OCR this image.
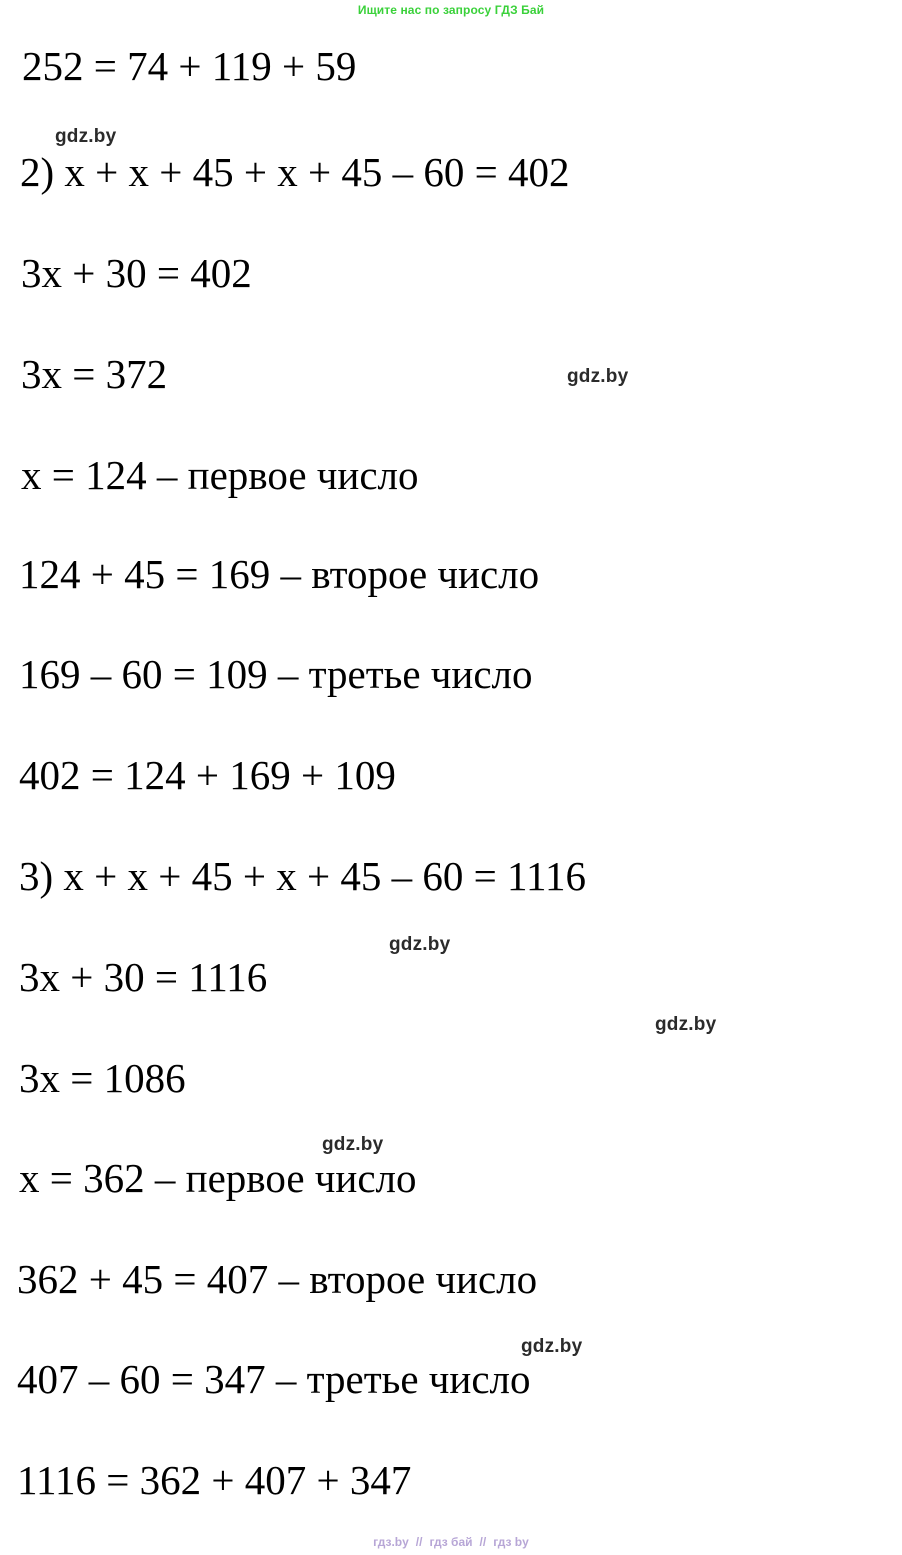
Ищите нас по запросу ГДЗ Бай
252 = 74 + 119 + 59
2) х + х + 45 + х + 45 – 60 = 402
3х + 30 = 402
3х = 372
х = 124 – первое число
124 + 45 = 169 – второе число
169 – 60 = 109 – третье число
402 = 124 + 169 + 109
3) х + х + 45 + х + 45 – 60 = 1116
3х + 30 = 1116
3х = 1086
х = 362 – первое число
362 + 45 = 407 – второе число
407 – 60 = 347 – третье число
1116 = 362 + 407 + 347
gdz.by
gdz.by
gdz.by
gdz.by
gdz.by
gdz.by
гдз.by // гдз бай // гдз by
